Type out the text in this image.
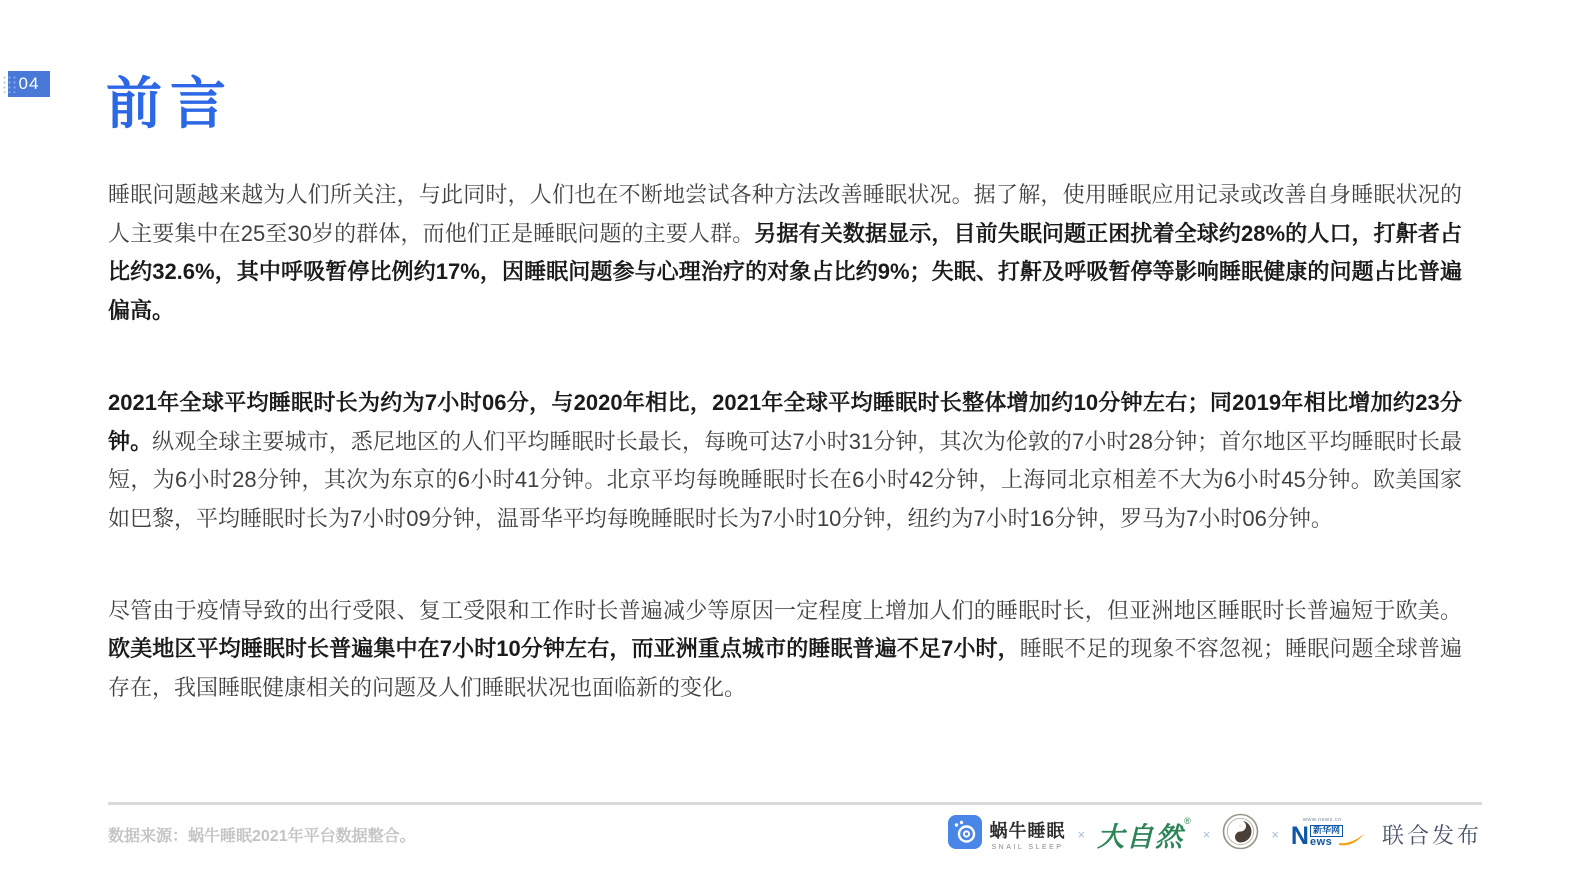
04 前言

睡眠问题越来越为人们所关注，与此同时，人们也在不断地尝试各种方法改善睡眠状况。据了解，使用睡眠应用记录或改善自身睡眠状况的人主要集中在25至30岁的群体，而他们正是睡眠问题的主要人群。另据有关数据显示，目前失眠问题正困扰着全球约28%的人口，打鼾者占比约32.6%，其中呼吸暂停比例约17%，因睡眠问题参与心理治疗的对象占比约9%；失眠、打鼾及呼吸暂停等影响睡眠健康的问题占比普遍偏高。

2021年全球平均睡眠时长为约为7小时06分，与2020年相比，2021年全球平均睡眠时长整体增加约10分钟左右；同2019年相比增加约23分钟。纵观全球主要城市，悉尼地区的人们平均睡眠时长最长，每晚可达7小时31分钟，其次为伦敦的7小时28分钟；首尔地区平均睡眠时长最短，为6小时28分钟，其次为东京的6小时41分钟。北京平均每晚睡眠时长在6小时42分钟，上海同北京相差不大为6小时45分钟。欧美国家如巴黎，平均睡眠时长为7小时09分钟，温哥华平均每晚睡眠时长为7小时10分钟，纽约为7小时16分钟，罗马为7小时06分钟。

尽管由于疫情导致的出行受限、复工受限和工作时长普遍减少等原因一定程度上增加人们的睡眠时长，但亚洲地区睡眠时长普遍短于欧美。欧美地区平均睡眠时长普遍集中在7小时10分钟左右，而亚洲重点城市的睡眠普遍不足7小时，睡眠不足的现象不容忽视；睡眠问题全球普遍存在，我国睡眠健康相关的问题及人们睡眠状况也面临新的变化。

数据来源：蜗牛睡眠2021年平台数据整合。	蜗牛睡眠
SNAIL SLEEP
× 大自然
®
×	×
www.news.cn
N 新华网
ews	联合发布
